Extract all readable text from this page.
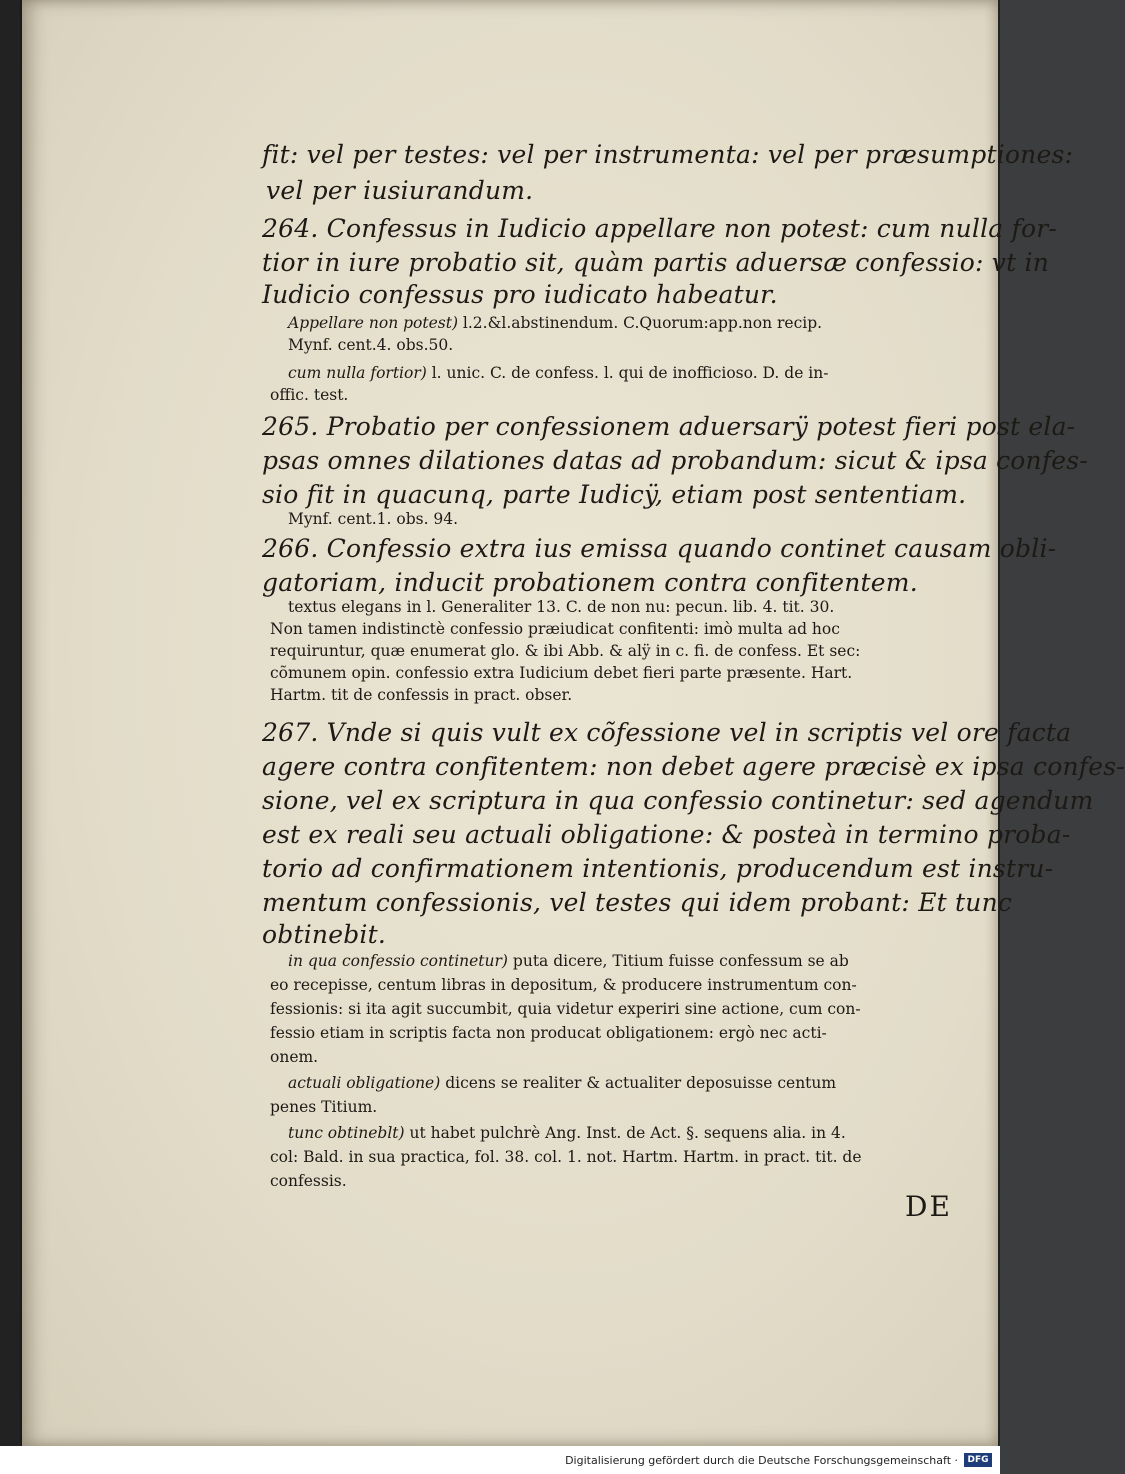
fit: vel per testes: vel per instrumenta: vel per præsumptiones:
vel per iusiurandum.
264. Confessus in Iudicio appellare non potest: cum nulla for-
tior in iure probatio sit, quàm partis aduersæ confessio: vt in
Iudicio confessus pro iudicato habeatur.
Appellare non potest) l.2.&l.abstinendum. C.Quorum:app.non recip.
Mynf. cent.4. obs.50.
cum nulla fortior) l. unic. C. de confess. l. qui de inofficioso. D. de in-
offic. test.
265. Probatio per confessionem aduersarÿ potest fieri post ela-
psas omnes dilationes datas ad probandum: sicut & ipsa confes-
sio fit in quacunq, parte Iudicÿ, etiam post sententiam.
Mynf. cent.1. obs. 94.
266. Confessio extra ius emissa quando continet causam obli-
gatoriam, inducit probationem contra confitentem.
textus elegans in l. Generaliter 13. C. de non nu: pecun. lib. 4. tit. 30.
Non tamen indistinctè confessio præiudicat confitenti: imò multa ad hoc
requiruntur, quæ enumerat glo. & ibi Abb. & alÿ in c. fi. de confess. Et sec:
cõmunem opin. confessio extra Iudicium debet fieri parte præsente. Hart.
Hartm. tit de confessis in pract. obser.
267. Vnde si quis vult ex cõfessione vel in scriptis vel ore facta
agere contra confitentem: non debet agere præcisè ex ipsa confes-
sione, vel ex scriptura in qua confessio continetur: sed agendum
est ex reali seu actuali obligatione: & posteà in termino proba-
torio ad confirmationem intentionis, producendum est instru-
mentum confessionis, vel testes qui idem probant: Et tunc
obtinebit.
in qua confessio continetur) puta dicere, Titium fuisse confessum se ab
eo recepisse, centum libras in depositum, & producere instrumentum con-
fessionis: si ita agit succumbit, quia videtur experiri sine actione, cum con-
fessio etiam in scriptis facta non producat obligationem: ergò nec acti-
onem.
actuali obligatione) dicens se realiter & actualiter deposuisse centum
penes Titium.
tunc obtineblt) ut habet pulchrè Ang. Inst. de Act. §. sequens alia. in 4.
col: Bald. in sua practica, fol. 38. col. 1. not. Hartm. Hartm. in pract. tit. de
confessis.
DE
Digitalisierung gefördert durch die Deutsche Forschungsgemeinschaft ·	DFG
